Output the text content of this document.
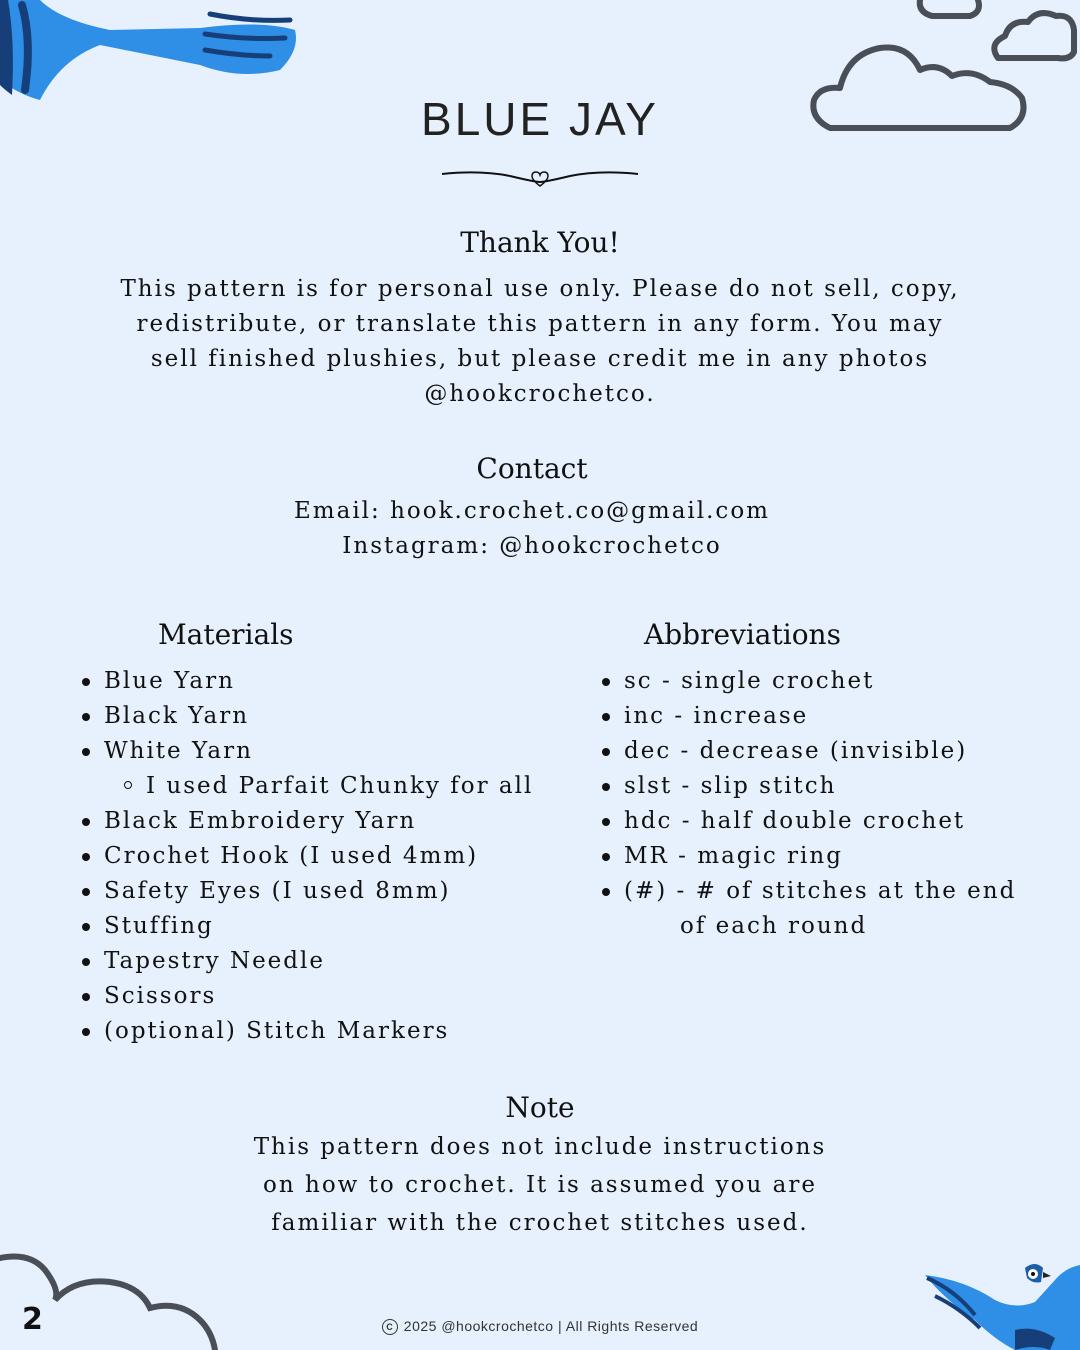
BLUE JAY
Thank You!
This pattern is for personal use only. Please do not sell, copy,
redistribute, or translate this pattern in any form. You may
sell finished plushies, but please credit me in any photos
@hookcrochetco.
Contact
Email: hook.crochet.co@gmail.com
Instagram: @hookcrochetco
Materials
Blue Yarn
Black Yarn
White Yarn
I used Parfait Chunky for all
Black Embroidery Yarn
Crochet Hook (I used 4mm)
Safety Eyes (I used 8mm)
Stuffing
Tapestry Needle
Scissors
(optional) Stitch Markers
Abbreviations
sc - single crochet
inc - increase
dec - decrease (invisible)
slst - slip stitch
hdc - half double crochet
MR - magic ring
(#) - # of stitches at the end
of each round
Note
This pattern does not include instructions
on how to crochet. It is assumed you are
familiar with the crochet stitches used.
2	C 2025 @hookcrochetco | All Rights Reserved
